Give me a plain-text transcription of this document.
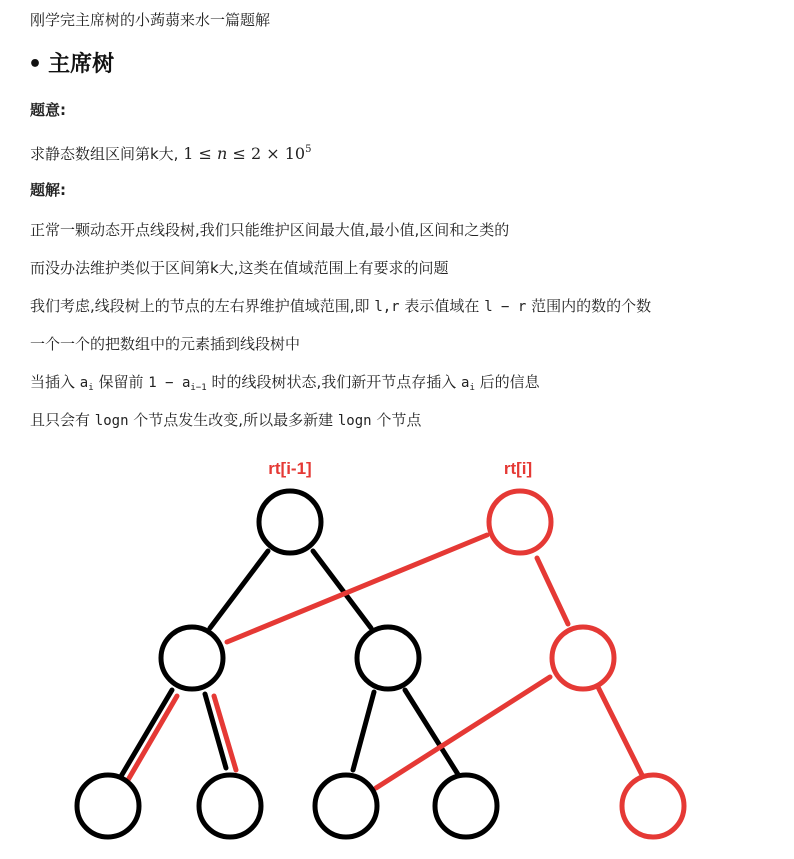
刚学完主席树的小蒟蒻来水一篇题解
• 主席树
题意:
求静态数组区间第k大, $1 \le n \le 2 \times 10^5$
题解:
正常一颗动态开点线段树,我们只能维护区间最大值,最小值,区间和之类的
而没办法维护类似于区间第k大,这类在值域范围上有要求的问题
我们考虑,线段树上的节点的左右界维护值域范围,即 l,r 表示值域在 l − r 范围内的数的个数
一个一个的把数组中的元素插到线段树中
当插入 $a_i$ 保留前 $1 - a_{i-1}$ 时的线段树状态,我们新开节点存插入 $a_i$ 后的信息
且只会有 logn 个节点发生改变,所以最多新建 logn 个节点
rt[i-1]	rt[i]
